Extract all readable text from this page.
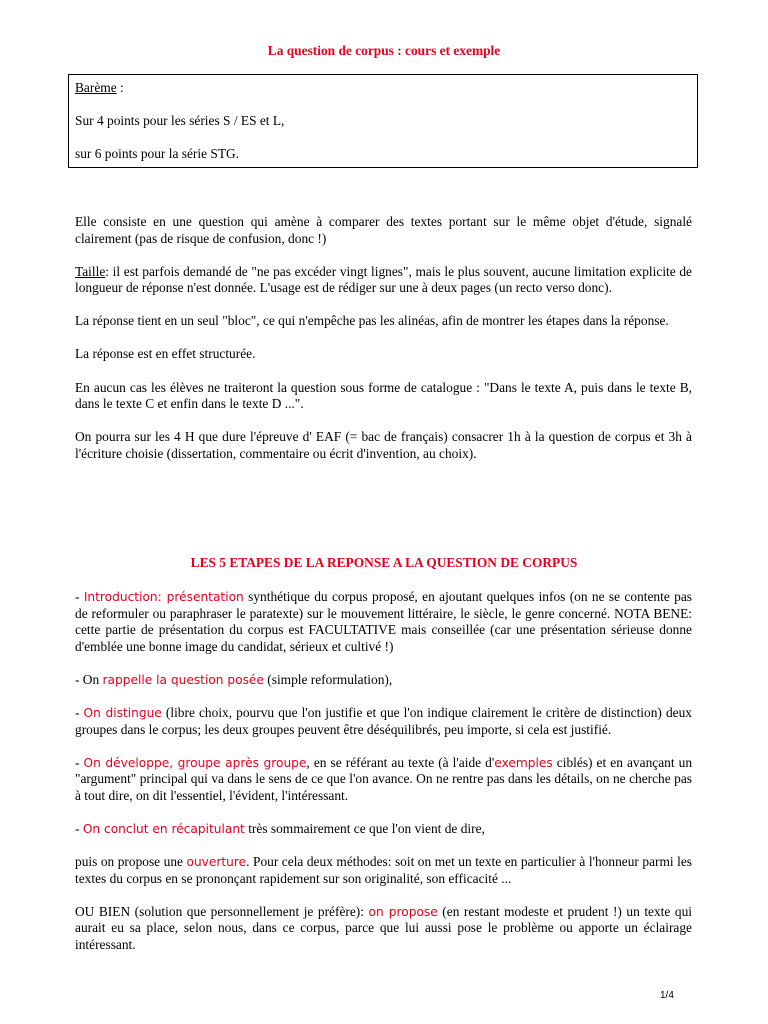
La question de corpus : cours et exemple

Barème :

Sur 4 points pour les séries S / ES et L,

sur 6 points pour la série STG.

Elle consiste en une question qui amène à comparer des textes portant sur le même objet d'étude, signalé clairement (pas de risque de confusion, donc !)

Taille: il est parfois demandé de "ne pas excéder vingt lignes", mais le plus souvent, aucune limitation explicite de longueur de réponse n'est donnée. L'usage est de rédiger sur une à deux pages (un recto verso donc).

La réponse tient en un seul "bloc", ce qui n'empêche pas les alinéas, afin de montrer les étapes dans la réponse.

La réponse est en effet structurée.

En aucun cas les élèves ne traiteront la question sous forme de catalogue : "Dans le texte A, puis dans le texte B, dans le texte C et enfin dans le texte D ...".

On pourra sur les 4 H que dure l'épreuve d' EAF (= bac de français) consacrer 1h à la question de corpus et 3h à l'écriture choisie (dissertation, commentaire ou écrit d'invention, au choix).

LES 5 ETAPES DE LA REPONSE A LA QUESTION DE CORPUS

- Introduction: présentation synthétique du corpus proposé, en ajoutant quelques infos (on ne se contente pas de reformuler ou paraphraser le paratexte) sur le mouvement littéraire, le siècle, le genre concerné. NOTA BENE: cette partie de présentation du corpus est FACULTATIVE mais conseillée (car une présentation sérieuse donne d'emblée une bonne image du candidat, sérieux et cultivé !)

- On rappelle la question posée (simple reformulation),

- On distingue (libre choix, pourvu que l'on justifie et que l'on indique clairement le critère de distinction) deux groupes dans le corpus; les deux groupes peuvent être déséquilibrés, peu importe, si cela est justifié.

- On développe, groupe après groupe, en se référant au texte (à l'aide d'exemples ciblés) et en avançant un "argument" principal qui va dans le sens de ce que l'on avance. On ne rentre pas dans les détails, on ne cherche pas à tout dire, on dit l'essentiel, l'évident, l'intéressant.

- On conclut en récapitulant très sommairement ce que l'on vient de dire,

puis on propose une ouverture. Pour cela deux méthodes: soit on met un texte en particulier à l'honneur parmi les textes du corpus en se prononçant rapidement sur son originalité, son efficacité ...

OU BIEN (solution que personnellement je préfère): on propose (en restant modeste et prudent !) un texte qui aurait eu sa place, selon nous, dans ce corpus, parce que lui aussi pose le problème ou apporte un éclairage intéressant.

1/4
